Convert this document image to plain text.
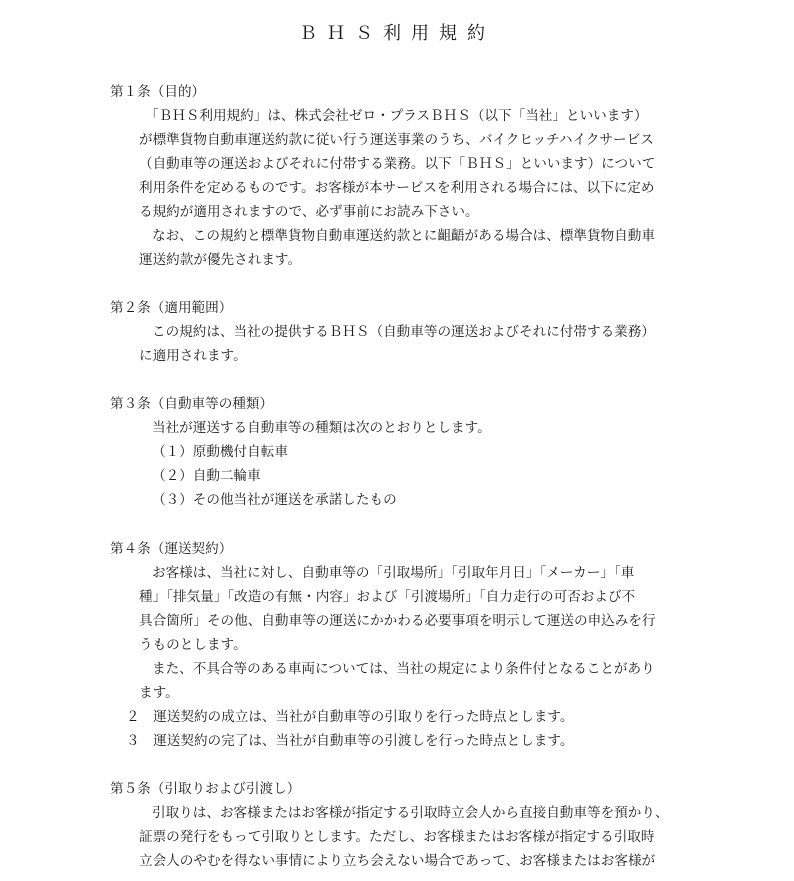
ＢＨＳ利用規約
第１条（目的）
「ＢＨＳ利用規約」は、株式会社ゼロ・プラスＢＨＳ（以下「当社」といいます）
が標準貨物自動車運送約款に従い行う運送事業のうち、バイクヒッチハイクサービス
（自動車等の運送およびそれに付帯する業務。以下「ＢＨＳ」といいます）について
利用条件を定めるものです。お客様が本サービスを利用される場合には、以下に定め
る規約が適用されますので、必ず事前にお読み下さい。
なお、この規約と標準貨物自動車運送約款とに齟齬がある場合は、標準貨物自動車
運送約款が優先されます。
第２条（適用範囲）
この規約は、当社の提供するＢＨＳ（自動車等の運送およびそれに付帯する業務）
に適用されます。
第３条（自動車等の種類）
当社が運送する自動車等の種類は次のとおりとします。
（１）原動機付自転車
（２）自動二輪車
（３）その他当社が運送を承諾したもの
第４条（運送契約）
お客様は、当社に対し、自動車等の「引取場所」「引取年月日」「メーカー」「車
種」「排気量」「改造の有無・内容」および「引渡場所」「自力走行の可否および不
具合箇所」その他、自動車等の運送にかかわる必要事項を明示して運送の申込みを行
うものとします。
また、不具合等のある車両については、当社の規定により条件付となることがあり
ます。
２　運送契約の成立は、当社が自動車等の引取りを行った時点とします。
３　運送契約の完了は、当社が自動車等の引渡しを行った時点とします。
第５条（引取りおよび引渡し）
引取りは、お客様またはお客様が指定する引取時立会人から直接自動車等を預かり、
証票の発行をもって引取りとします。ただし、お客様またはお客様が指定する引取時
立会人のやむを得ない事情により立ち会えない場合であって、お客様またはお客様が
